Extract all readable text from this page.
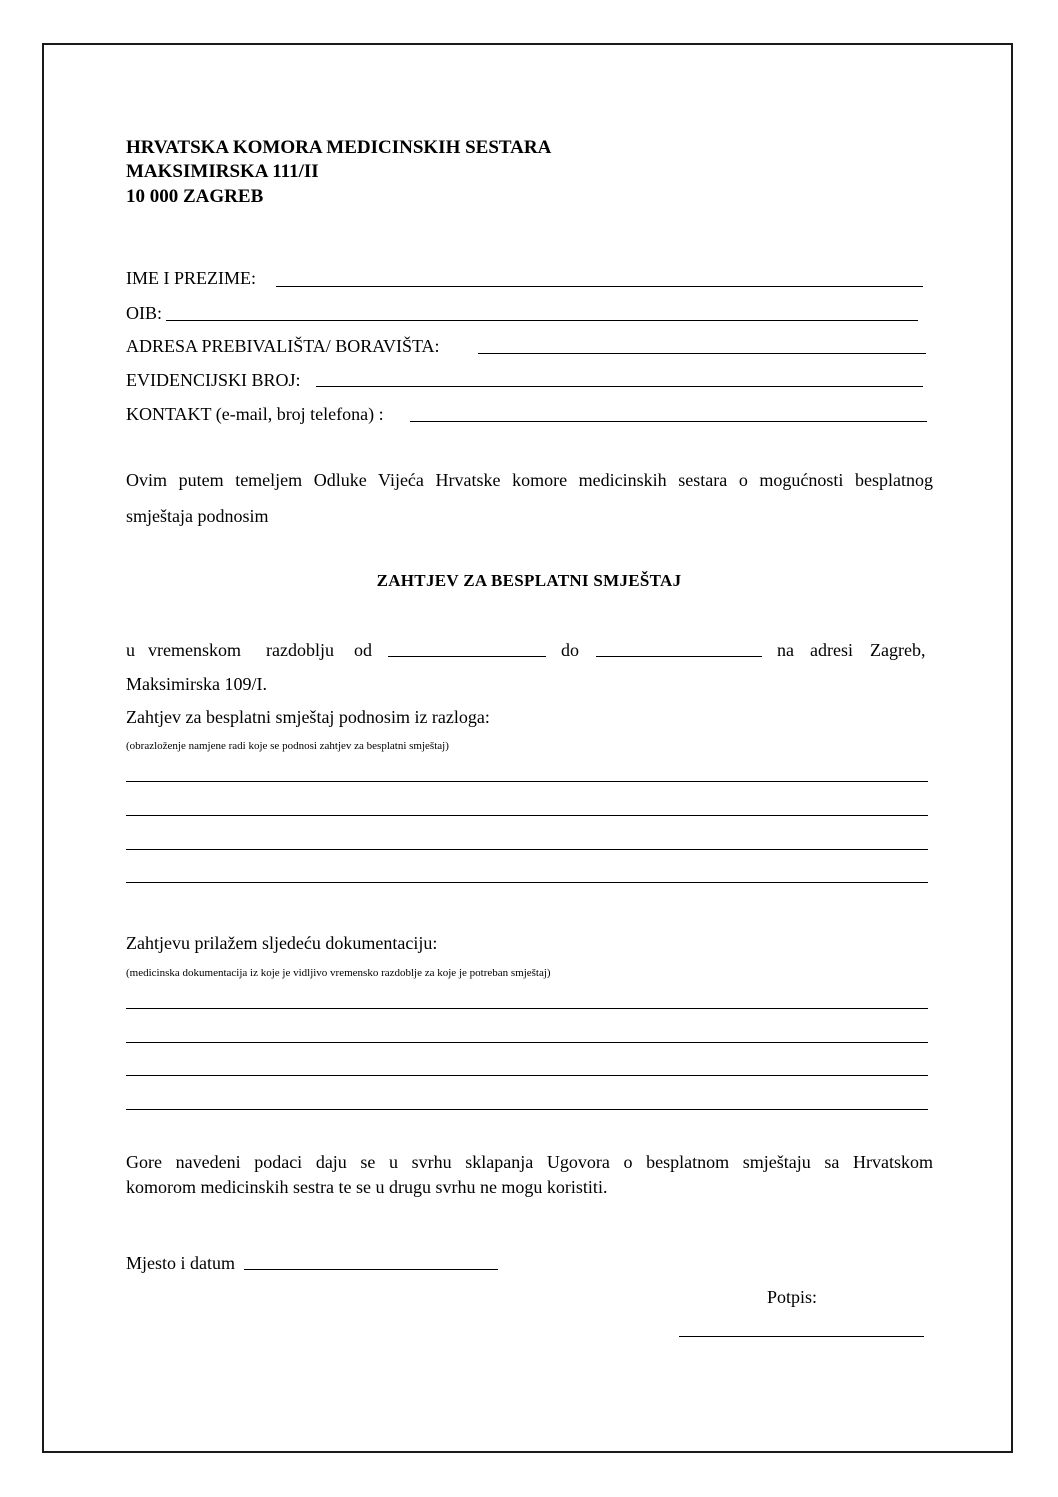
HRVATSKA KOMORA MEDICINSKIH SESTARA
MAKSIMIRSKA 111/II
10 000 ZAGREB
IME I PREZIME:
OIB:
ADRESA PREBIVALIŠTA/ BORAVIŠTA:
EVIDENCIJSKI BROJ:
KONTAKT (e-mail, broj telefona) :
Ovim putem temeljem Odluke Vijeća Hrvatske komore medicinskih sestara o mogućnosti besplatnog
smještaja podnosim
ZAHTJEV ZA BESPLATNI SMJEŠTAJ
u vremenskom razdoblju od	do	na adresi Zagreb,
Maksimirska 109/I.
Zahtjev za besplatni smještaj podnosim iz razloga:
(obrazloženje namjene radi koje se podnosi zahtjev za besplatni smještaj)
Zahtjevu prilažem sljedeću dokumentaciju:
(medicinska dokumentacija iz koje je vidljivo vremensko razdoblje za koje je potreban smještaj)
Gore navedeni podaci daju se u svrhu sklapanja Ugovora o besplatnom smještaju sa Hrvatskom
komorom medicinskih sestra te se u drugu svrhu ne mogu koristiti.
Mjesto i datum
Potpis:
